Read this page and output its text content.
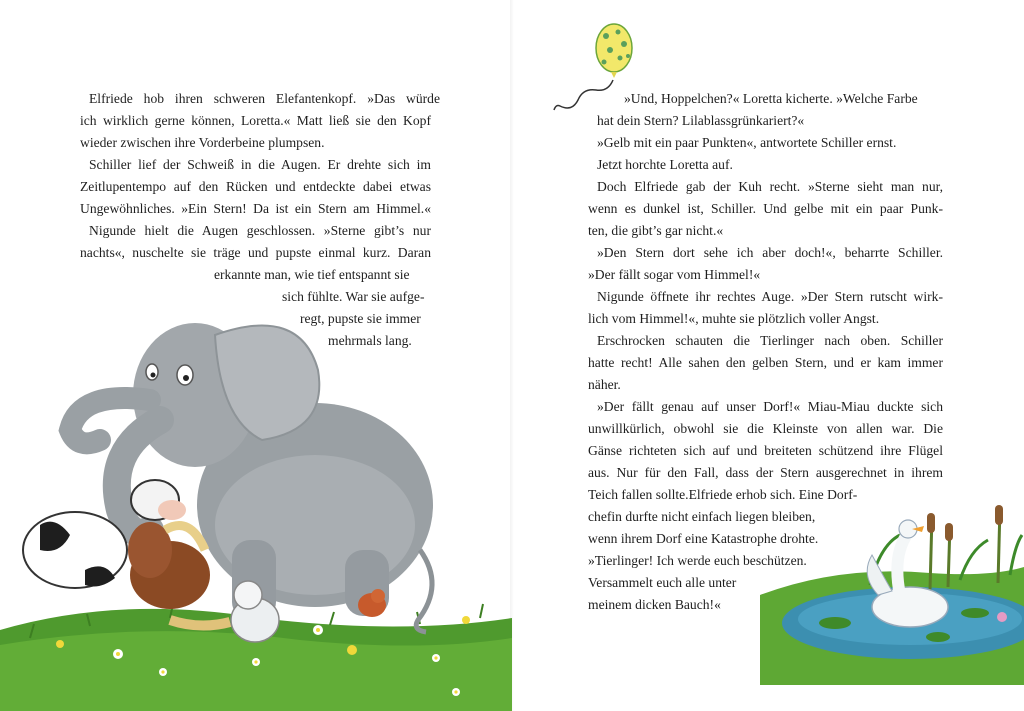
Elfriede hob ihren schweren Elefantenkopf. »Das würde
ich wirklich gerne können, Loretta.« Matt ließ sie den Kopf
wieder zwischen ihre Vorderbeine plumpsen.
Schiller lief der Schweiß in die Augen. Er drehte sich im
Zeitlupentempo auf den Rücken und entdeckte dabei etwas
Ungewöhnliches. »Ein Stern! Da ist ein Stern am Himmel.«
Nigunde hielt die Augen geschlossen. »Sterne gibt’s nur
nachts«, nuschelte sie träge und pupste einmal kurz. Daran
erkannte man, wie tief entspannt sie
sich fühlte. War sie aufge-
regt, pupste sie immer
mehrmals lang.
»Und, Hoppelchen?« Loretta kicherte. »Welche Farbe
hat dein Stern? Lilablassgrünkariert?«
»Gelb mit ein paar Punkten«, antwortete Schiller ernst.
Jetzt horchte Loretta auf.
Doch Elfriede gab der Kuh recht. »Sterne sieht man nur,
wenn es dunkel ist, Schiller. Und gelbe mit ein paar Punk-
ten, die gibt’s gar nicht.«
»Den Stern dort sehe ich aber doch!«, beharrte Schiller.
»Der fällt sogar vom Himmel!«
Nigunde öffnete ihr rechtes Auge. »Der Stern rutscht wirk-
lich vom Himmel!«, muhte sie plötzlich voller Angst.
Erschrocken schauten die Tierlinger nach oben. Schiller
hatte recht! Alle sahen den gelben Stern, und er kam immer
näher.
»Der fällt genau auf unser Dorf!« Miau-Miau duckte sich
unwillkürlich, obwohl sie die Kleinste von allen war. Die
Gänse richteten sich auf und breiteten schützend ihre Flügel
aus. Nur für den Fall, dass der Stern ausgerechnet in ihrem
Teich fallen sollte.Elfriede erhob sich. Eine Dorf-
chefin durfte nicht einfach liegen bleiben,
wenn ihrem Dorf eine Katastrophe drohte.
»Tierlinger! Ich werde euch beschützen.
Versammelt euch alle unter
meinem dicken Bauch!«
